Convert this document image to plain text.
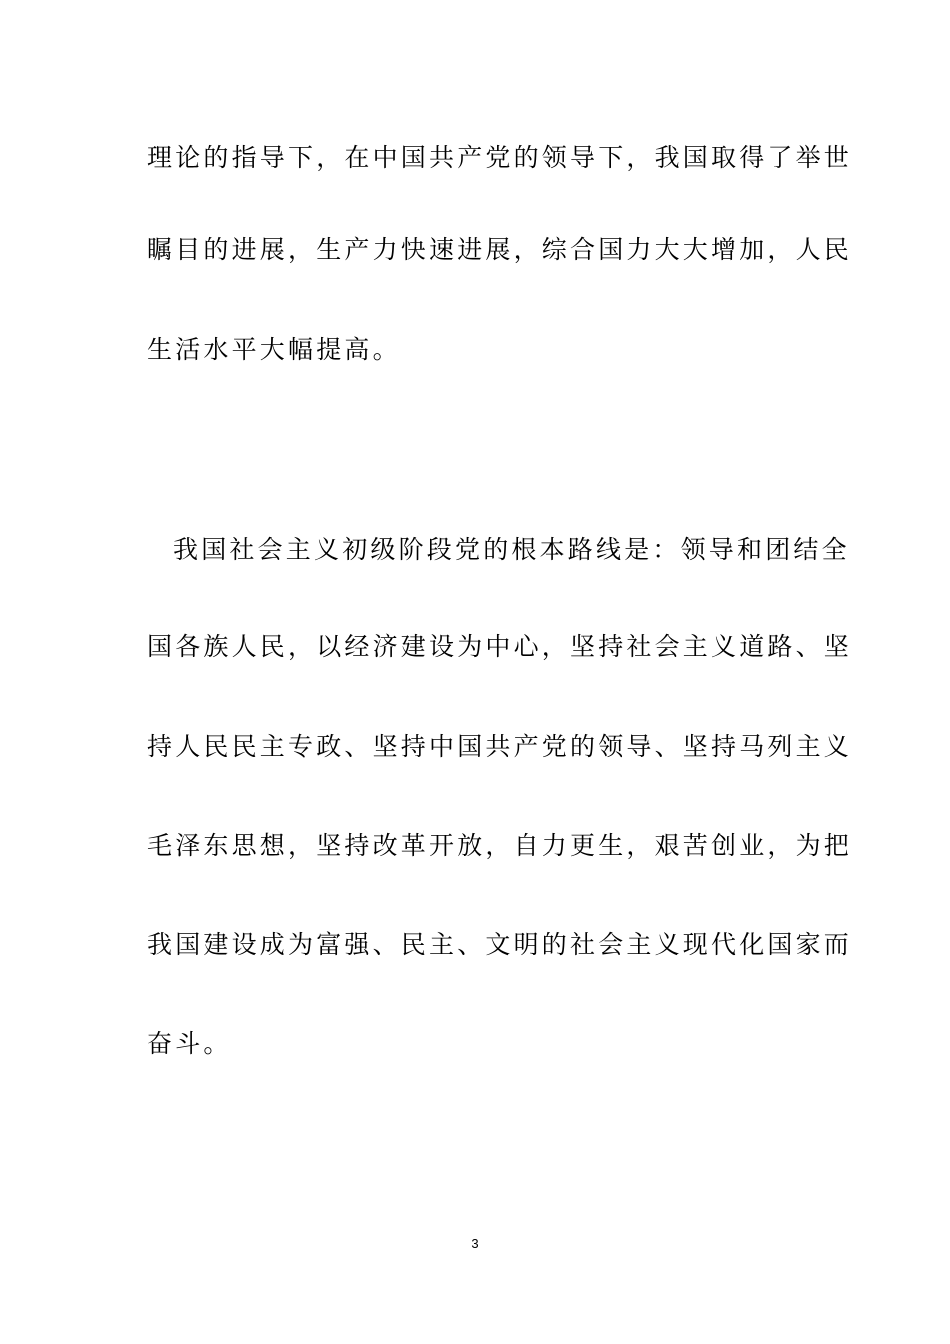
理论的指导下，在中国共产党的领导下，我国取得了举世
瞩目的进展，生产力快速进展，综合国力大大增加，人民
生活水平大幅提高。
我国社会主义初级阶段党的根本路线是：领导和团结全
国各族人民，以经济建设为中心，坚持社会主义道路、坚
持人民民主专政、坚持中国共产党的领导、坚持马列主义
毛泽东思想，坚持改革开放，自力更生，艰苦创业，为把
我国建设成为富强、民主、文明的社会主义现代化国家而
奋斗。
3
